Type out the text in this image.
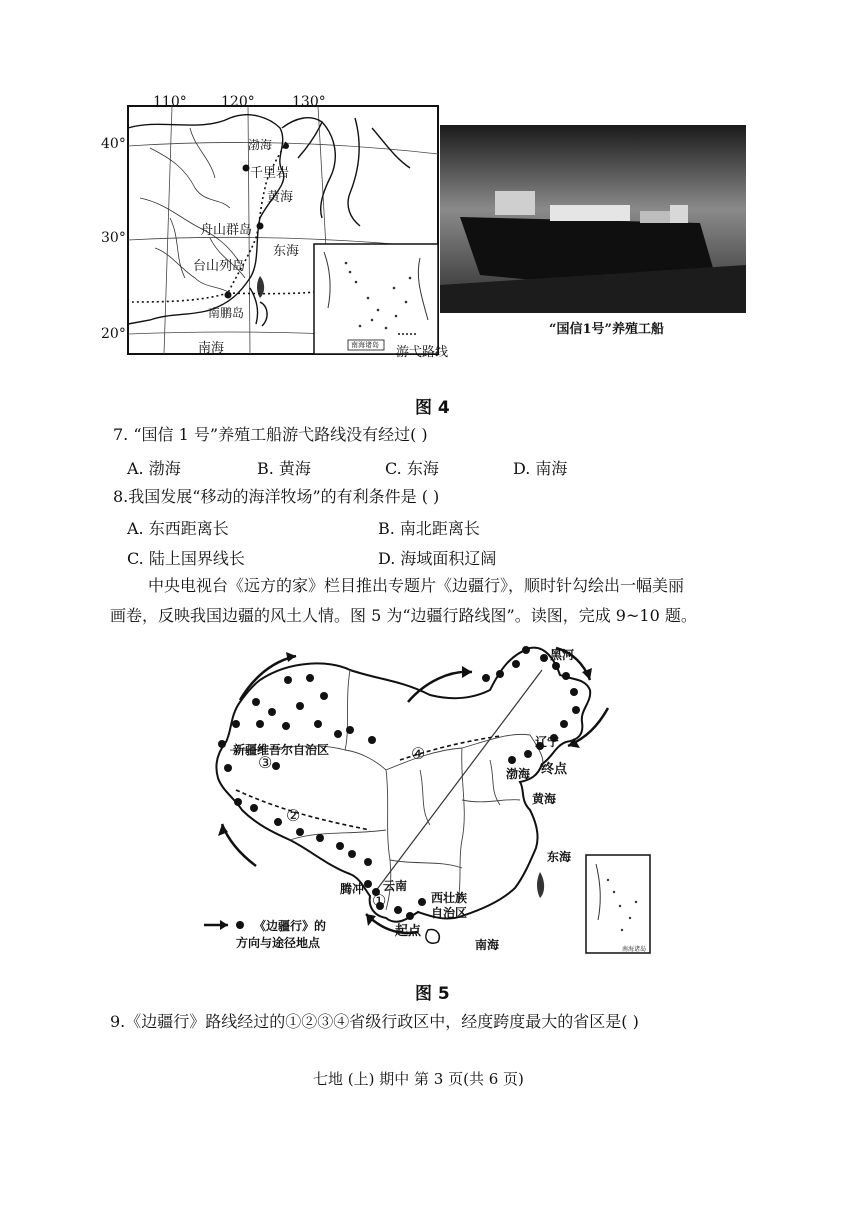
110° 120°	130°
40°
30°
20°
渤海
千里岩
黄海
舟山群岛
东海
台山列岛
南鹏岛
南海	南海诸岛 游弋路线
“国信1号”养殖工船
图 4
7. “国信 1 号”养殖工船游弋路线没有经过( )
A. 渤海	B. 黄海	C. 东海	D. 南海
8.我国发展“移动的海洋牧场”的有利条件是 ( )
A. 东西距离长	B. 南北距离长
C. 陆上国界线长	D. 海域面积辽阔
中央电视台《远方的家》栏目推出专题片《边疆行》，顺时针勾绘出一幅美丽
画卷，反映我国边疆的风土人情。图 5 为“边疆行路线图”。读图，完成 9~10 题。
黑河
新疆维吾尔自治区
①
②
③	④
辽宁
渤海 终点
黄海
东海
腾冲 云南
西壮族
自治区
起点
南海	南海诸岛
《边疆行》的
方向与途径地点
图 5
9.《边疆行》路线经过的①②③④省级行政区中，经度跨度最大的省区是( )
七地 (上) 期中 第 3 页(共 6 页)
